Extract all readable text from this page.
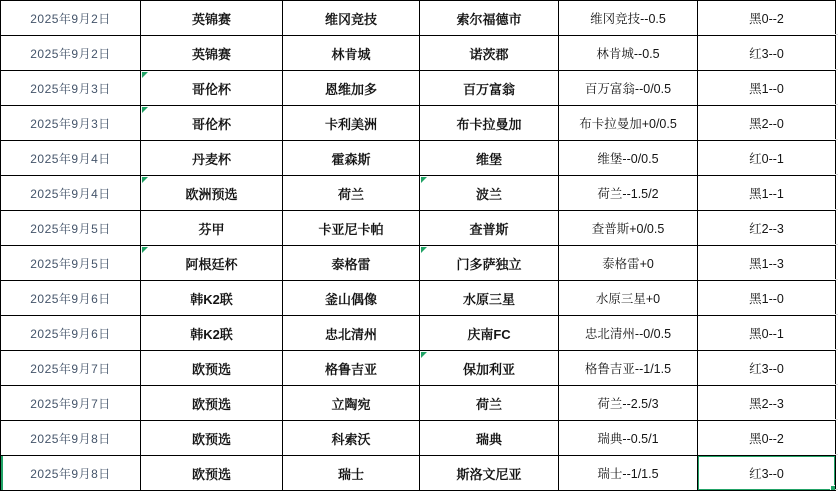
2025年9月2日	英锦赛	维冈竞技	索尔福德市	维冈竞技--0.5	黑0--2
2025年9月2日	英锦赛	林肯城	诺茨郡	林肯城--0.5	红3--0
2025年9月3日	哥伦杯	恩维加多	百万富翁	百万富翁--0/0.5	黑1--0
2025年9月3日	哥伦杯	卡利美洲	布卡拉曼加	布卡拉曼加+0/0.5	黑2--0
2025年9月4日	丹麦杯	霍森斯	维堡	维堡--0/0.5	红0--1
2025年9月4日	欧洲预选	荷兰	波兰	荷兰--1.5/2	黑1--1
2025年9月5日	芬甲	卡亚尼卡帕	查普斯	查普斯+0/0.5	红2--3
2025年9月5日	阿根廷杯	泰格雷	门多萨独立	泰格雷+0	黑1--3
2025年9月6日	韩K2联	釜山偶像	水原三星	水原三星+0	黑1--0
2025年9月6日	韩K2联	忠北清州	庆南FC	忠北清州--0/0.5	黑0--1
2025年9月7日	欧预选	格鲁吉亚	保加利亚	格鲁吉亚--1/1.5	红3--0
2025年9月7日	欧预选	立陶宛	荷兰	荷兰--2.5/3	黑2--3
2025年9月8日	欧预选	科索沃	瑞典	瑞典--0.5/1	黑0--2
2025年9月8日	欧预选	瑞士	斯洛文尼亚	瑞士--1/1.5	红3--0
